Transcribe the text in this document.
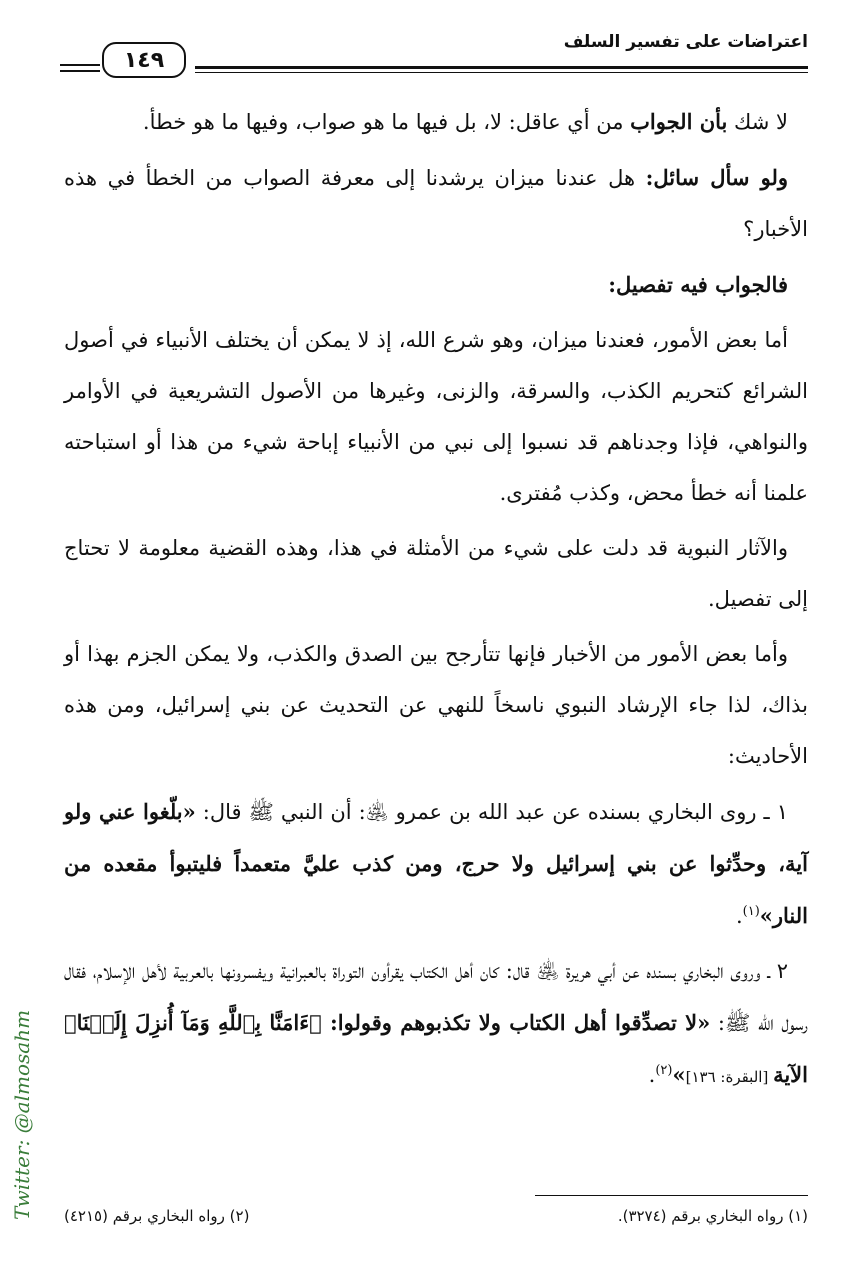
اعتراضات على تفسير السلف
١٤٩

لا شك بأن الجواب من أي عاقل: لا، بل فيها ما هو صواب، وفيها ما هو خطأ.

ولو سأل سائل: هل عندنا ميزان يرشدنا إلى معرفة الصواب من الخطأ في هذه الأخبار؟

فالجواب فيه تفصيل:

أما بعض الأمور، فعندنا ميزان، وهو شرع الله، إذ لا يمكن أن يختلف الأنبياء في أصول الشرائع كتحريم الكذب، والسرقة، والزنى، وغيرها من الأصول التشريعية في الأوامر والنواهي، فإذا وجدناهم قد نسبوا إلى نبي من الأنبياء إباحة شيء من هذا أو استباحته علمنا أنه خطأ محض، وكذب مُفترى.

والآثار النبوية قد دلت على شيء من الأمثلة في هذا، وهذه القضية معلومة لا تحتاج إلى تفصيل.

وأما بعض الأمور من الأخبار فإنها تتأرجح بين الصدق والكذب، ولا يمكن الجزم بهذا أو بذاك، لذا جاء الإرشاد النبوي ناسخاً للنهي عن التحديث عن بني إسرائيل، ومن هذه الأحاديث:

١ ـ روى البخاري بسنده عن عبد الله بن عمرو ﵁: أن النبي ﷺ قال: «بلّغوا عني ولو آية، وحدِّثوا عن بني إسرائيل ولا حرج، ومن كذب عليَّ متعمداً فليتبوأ مقعده من النار»$^{(١)}$.

٢ ـ وروى البخاري بسنده عن أبي هريرة ﵁ قال: كان أهل الكتاب يقرأون التوراة بالعبرانية ويفسرونها بالعربية لأهل الإسلام، فقال رسول الله ﷺ: «لا تصدِّقوا أهل الكتاب ولا تكذبوهم وقولوا: ﴿ءَامَنَّا بِٱللَّهِ وَمَآ أُنزِلَ إِلَيۡنَا﴾ الآية [البقرة: ١٣٦]»$^{(٢)}$.

(١) رواه البخاري برقم (٣٢٧٤).
(٢) رواه البخاري برقم (٤٢١٥)
Twitter: @almosahm
